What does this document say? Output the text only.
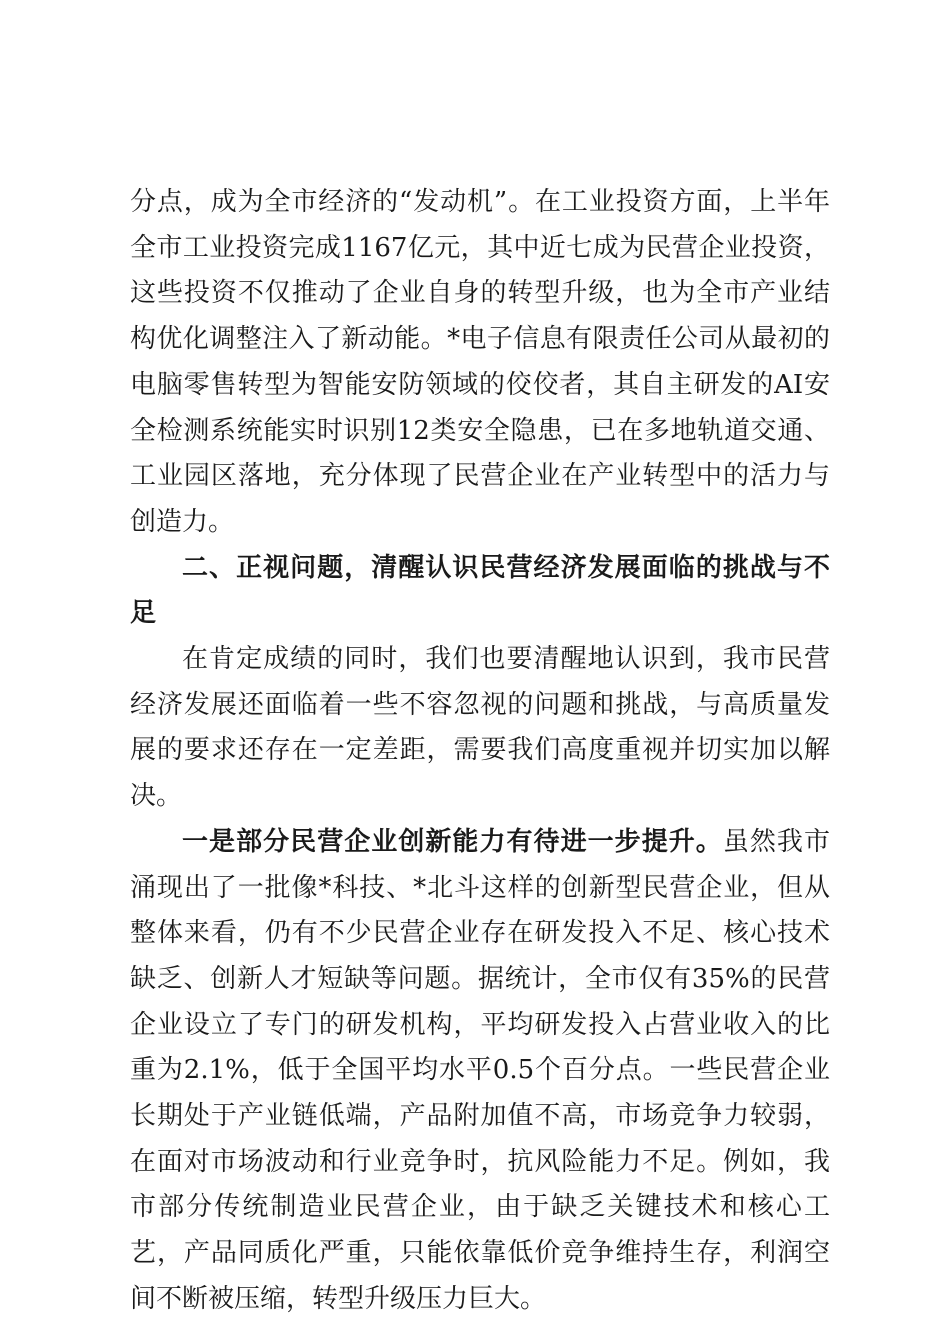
分点，成为全市经济的“发动机”。在工业投资方面，上半年全市工业投资完成1167亿元，其中近七成为民营企业投资，这些投资不仅推动了企业自身的转型升级，也为全市产业结构优化调整注入了新动能。*电子信息有限责任公司从最初的电脑零售转型为智能安防领域的佼佼者，其自主研发的AI安全检测系统能实时识别12类安全隐患，已在多地轨道交通、工业园区落地，充分体现了民营企业在产业转型中的活力与创造力。

二、正视问题，清醒认识民营经济发展面临的挑战与不足

在肯定成绩的同时，我们也要清醒地认识到，我市民营经济发展还面临着一些不容忽视的问题和挑战，与高质量发展的要求还存在一定差距，需要我们高度重视并切实加以解决。

一是部分民营企业创新能力有待进一步提升。虽然我市涌现出了一批像*科技、*北斗这样的创新型民营企业，但从整体来看，仍有不少民营企业存在研发投入不足、核心技术缺乏、创新人才短缺等问题。据统计，全市仅有35%的民营企业设立了专门的研发机构，平均研发投入占营业收入的比重为2.1%，低于全国平均水平0.5个百分点。一些民营企业长期处于产业链低端，产品附加值不高，市场竞争力较弱，在面对市场波动和行业竞争时，抗风险能力不足。例如，我市部分传统制造业民营企业，由于缺乏关键技术和核心工艺，产品同质化严重，只能依靠低价竞争维持生存，利润空间不断被压缩，转型升级压力巨大。
